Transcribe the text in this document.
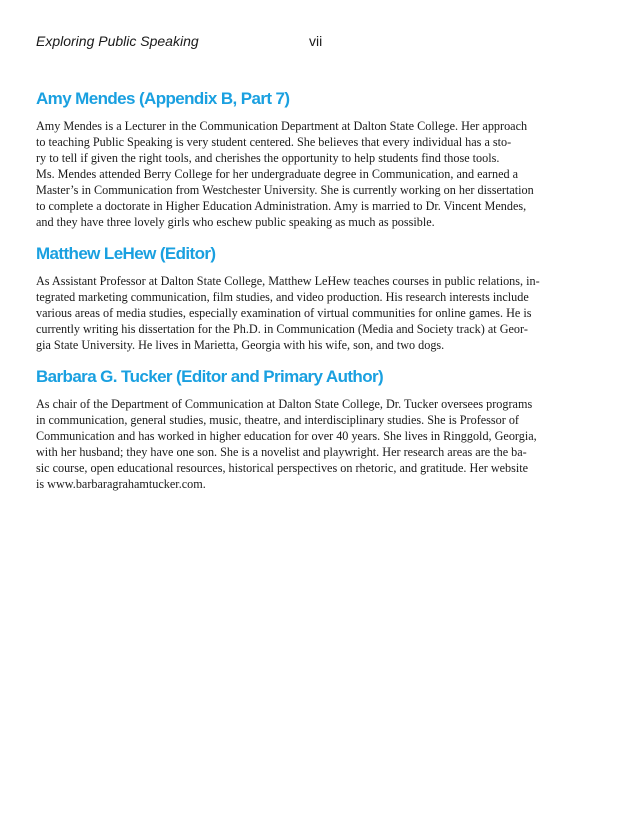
Exploring Public Speaking	vii
Amy Mendes (Appendix B, Part 7)

Amy Mendes is a Lecturer in the Communication Department at Dalton State College. Her approach
to teaching Public Speaking is very student centered. She believes that every individual has a sto-
ry to tell if given the right tools, and cherishes the opportunity to help students find those tools.
Ms. Mendes attended Berry College for her undergraduate degree in Communication, and earned a
Master’s in Communication from Westchester University. She is currently working on her dissertation
to complete a doctorate in Higher Education Administration. Amy is married to Dr. Vincent Mendes,
and they have three lovely girls who eschew public speaking as much as possible.

Matthew LeHew (Editor)

As Assistant Professor at Dalton State College, Matthew LeHew teaches courses in public relations, in-
tegrated marketing communication, film studies, and video production. His research interests include
various areas of media studies, especially examination of virtual communities for online games. He is
currently writing his dissertation for the Ph.D. in Communication (Media and Society track) at Geor-
gia State University. He lives in Marietta, Georgia with his wife, son, and two dogs.

Barbara G. Tucker (Editor and Primary Author)

As chair of the Department of Communication at Dalton State College, Dr. Tucker oversees programs
in communication, general studies, music, theatre, and interdisciplinary studies. She is Professor of
Communication and has worked in higher education for over 40 years. She lives in Ringgold, Georgia,
with her husband; they have one son. She is a novelist and playwright. Her research areas are the ba-
sic course, open educational resources, historical perspectives on rhetoric, and gratitude. Her website
is www.barbaragrahamtucker.com.
